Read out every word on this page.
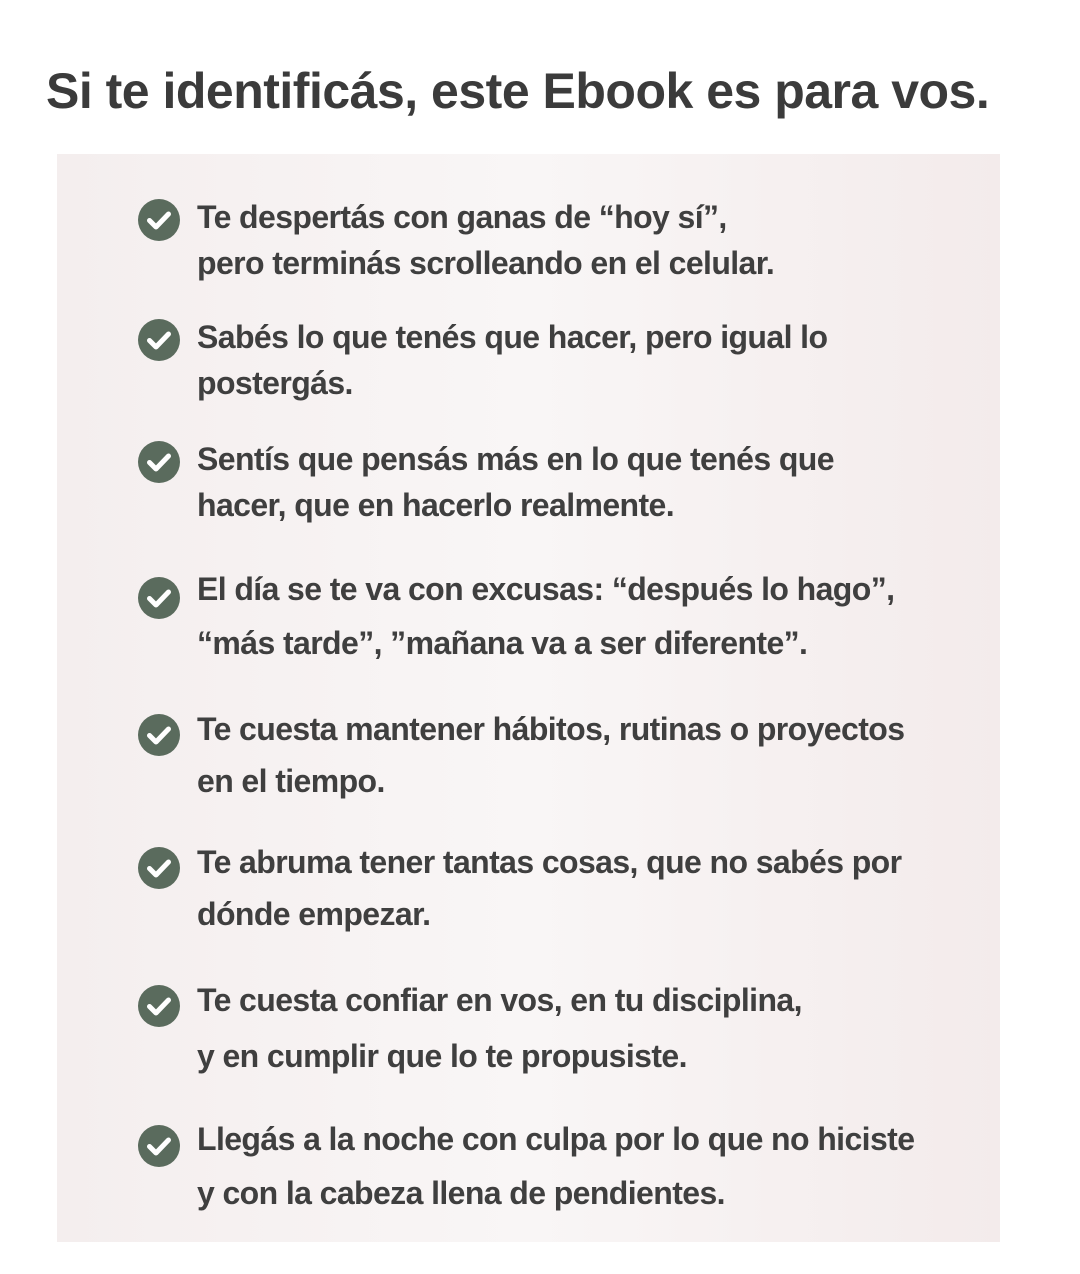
Si te identificás, este Ebook es para vos.
Te despertás con ganas de “hoy sí”,
pero terminás scrolleando en el celular.
Sabés lo que tenés que hacer, pero igual lo
postergás.
Sentís que pensás más en lo que tenés que
hacer, que en hacerlo realmente.
El día se te va con excusas: “después lo hago”,
“más tarde”, ”mañana va a ser diferente”.
Te cuesta mantener hábitos, rutinas o proyectos
en el tiempo.
Te abruma tener tantas cosas, que no sabés por
dónde empezar.
Te cuesta confiar en vos, en tu disciplina,
y en cumplir que lo te propusiste.
Llegás a la noche con culpa por lo que no hiciste
y con la cabeza llena de pendientes.
